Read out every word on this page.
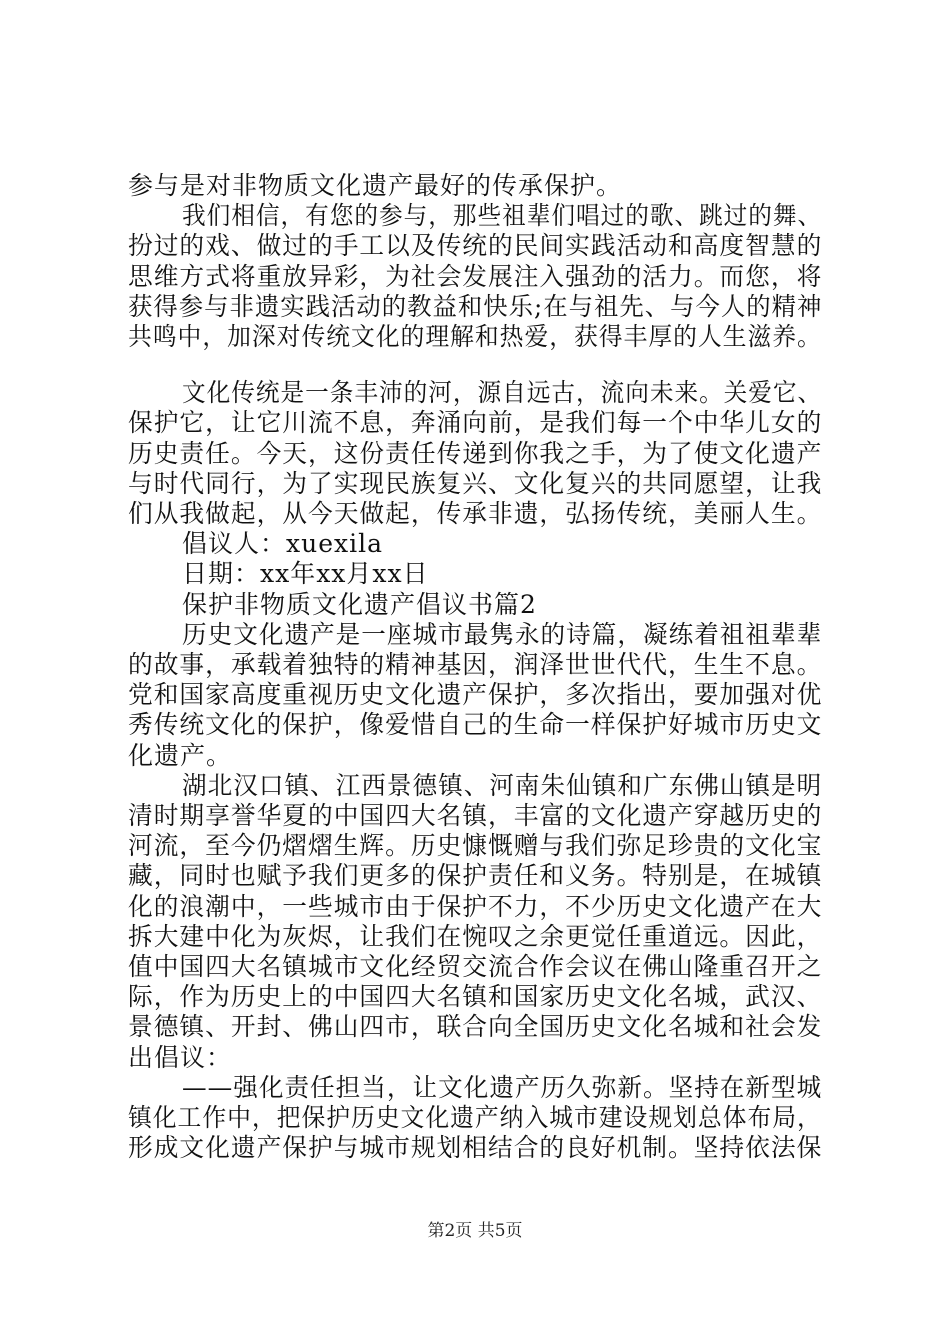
参与是对非物质文化遗产最好的传承保护。
我们相信，有您的参与，那些祖辈们唱过的歌、跳过的舞、
扮过的戏、做过的手工以及传统的民间实践活动和高度智慧的
思维方式将重放异彩，为社会发展注入强劲的活力。而您，将
获得参与非遗实践活动的教益和快乐;在与祖先、与今人的精神
共鸣中，加深对传统文化的理解和热爱，获得丰厚的人生滋养。
文化传统是一条丰沛的河，源自远古，流向未来。关爱它、
保护它，让它川流不息，奔涌向前，是我们每一个中华儿女的
历史责任。今天，这份责任传递到你我之手，为了使文化遗产
与时代同行，为了实现民族复兴、文化复兴的共同愿望，让我
们从我做起，从今天做起，传承非遗，弘扬传统，美丽人生。
倡议人：xuexila
日期：xx年xx月xx日
保护非物质文化遗产倡议书篇2
历史文化遗产是一座城市最隽永的诗篇，凝练着祖祖辈辈
的故事，承载着独特的精神基因，润泽世世代代，生生不息。
党和国家高度重视历史文化遗产保护，多次指出，要加强对优
秀传统文化的保护，像爱惜自己的生命一样保护好城市历史文
化遗产。
湖北汉口镇、江西景德镇、河南朱仙镇和广东佛山镇是明
清时期享誉华夏的中国四大名镇，丰富的文化遗产穿越历史的
河流，至今仍熠熠生辉。历史慷慨赠与我们弥足珍贵的文化宝
藏，同时也赋予我们更多的保护责任和义务。特别是，在城镇
化的浪潮中，一些城市由于保护不力，不少历史文化遗产在大
拆大建中化为灰烬，让我们在惋叹之余更觉任重道远。因此，
值中国四大名镇城市文化经贸交流合作会议在佛山隆重召开之
际，作为历史上的中国四大名镇和国家历史文化名城，武汉、
景德镇、开封、佛山四市，联合向全国历史文化名城和社会发
出倡议：
——强化责任担当，让文化遗产历久弥新。坚持在新型城
镇化工作中，把保护历史文化遗产纳入城市建设规划总体布局，
形成文化遗产保护与城市规划相结合的良好机制。坚持依法保
第2页 共5页
